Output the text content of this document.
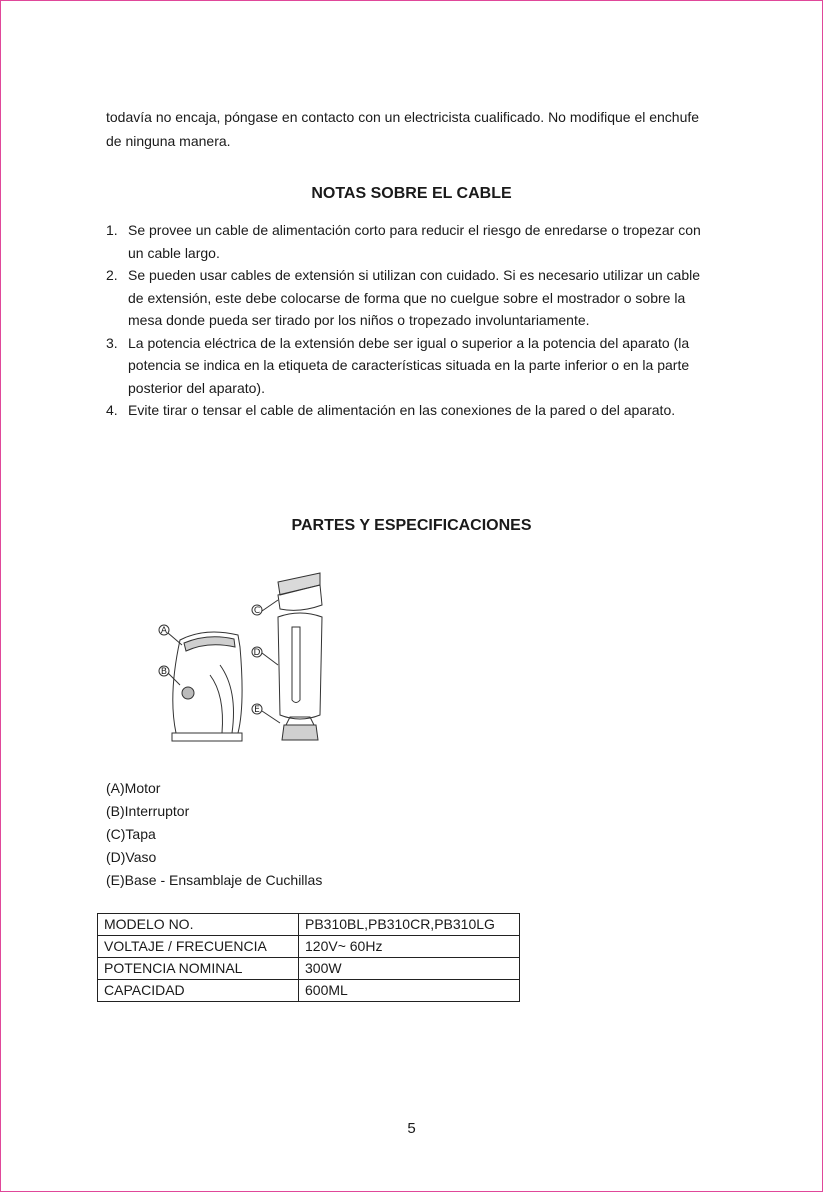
todavía no encaja, póngase en contacto con un electricista cualificado. No modifique el enchufe
de ninguna manera.

NOTAS SOBRE EL CABLE
1. Se provee un cable de alimentación corto para reducir el riesgo de enredarse o tropezar con
un cable largo.
2. Se pueden usar cables de extensión si utilizan con cuidado. Si es necesario utilizar un cable
de extensión, este debe colocarse de forma que no cuelgue sobre el mostrador o sobre la
mesa donde pueda ser tirado por los niños o tropezado involuntariamente.
3. La potencia eléctrica de la extensión debe ser igual o superior a la potencia del aparato (la
potencia se indica en la etiqueta de características situada en la parte inferior o en la parte
posterior del aparato).
4. Evite tirar o tensar el cable de alimentación en las conexiones de la pared o del aparato.
PARTES Y ESPECIFICACIONES
A
B
C
D
E
(A)Motor
(B)Interruptor
(C)Tapa
(D)Vaso
(E)Base - Ensamblaje de Cuchillas
MODELO NO.	PB310BL,PB310CR,PB310LG
VOLTAJE / FRECUENCIA	120V~ 60Hz
POTENCIA NOMINAL	300W
CAPACIDAD	600ML
5
